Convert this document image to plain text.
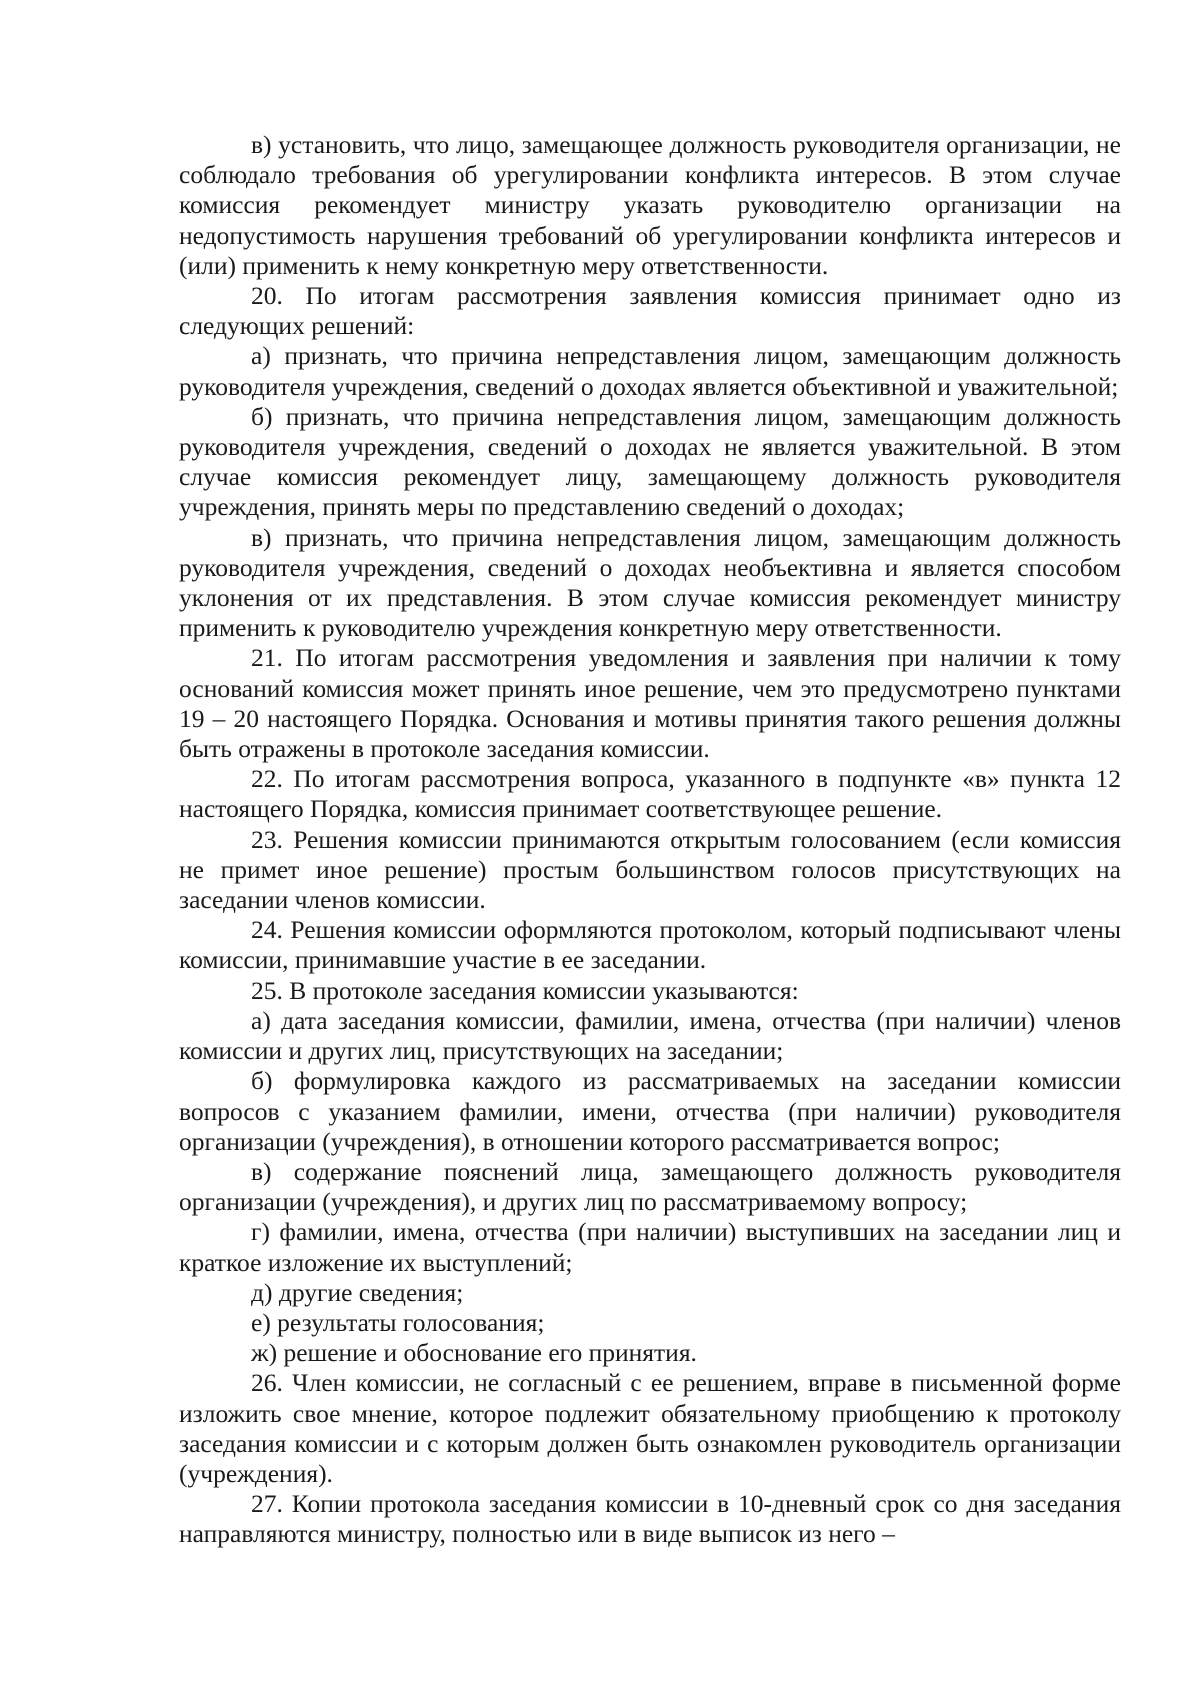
в) установить, что лицо, замещающее должность руководителя организации, не соблюдало требования об урегулировании конфликта интересов. В этом случае комиссия рекомендует министру указать руководителю организации на недопустимость нарушения требований об урегулировании конфликта интересов и (или) применить к нему конкретную меру ответственности.

20. По итогам рассмотрения заявления комиссия принимает одно из следующих решений:

а) признать, что причина непредставления лицом, замещающим должность руководителя учреждения, сведений о доходах является объективной и уважительной;

б) признать, что причина непредставления лицом, замещающим должность руководителя учреждения, сведений о доходах не является уважительной. В этом случае комиссия рекомендует лицу, замещающему должность руководителя учреждения, принять меры по представлению сведений о доходах;

в) признать, что причина непредставления лицом, замещающим должность руководителя учреждения, сведений о доходах необъективна и является способом уклонения от их представления. В этом случае комиссия рекомендует министру применить к руководителю учреждения конкретную меру ответственности.

21. По итогам рассмотрения уведомления и заявления при наличии к тому оснований комиссия может принять иное решение, чем это предусмотрено пунктами 19 – 20 настоящего Порядка. Основания и мотивы принятия такого решения должны быть отражены в протоколе заседания комиссии.

22. По итогам рассмотрения вопроса, указанного в подпункте «в» пункта 12 настоящего Порядка, комиссия принимает соответствующее решение.

23. Решения комиссии принимаются открытым голосованием (если комиссия не примет иное решение) простым большинством голосов присутствующих на заседании членов комиссии.

24. Решения комиссии оформляются протоколом, который подписывают члены комиссии, принимавшие участие в ее заседании.

25. В протоколе заседания комиссии указываются:

а) дата заседания комиссии, фамилии, имена, отчества (при наличии) членов комиссии и других лиц, присутствующих на заседании;

б) формулировка каждого из рассматриваемых на заседании комиссии вопросов с указанием фамилии, имени, отчества (при наличии) руководителя организации (учреждения), в отношении которого рассматривается вопрос;

в) содержание пояснений лица, замещающего должность руководителя организации (учреждения), и других лиц по рассматриваемому вопросу;

г) фамилии, имена, отчества (при наличии) выступивших на заседании лиц и краткое изложение их выступлений;

д) другие сведения;

е) результаты голосования;

ж) решение и обоснование его принятия.

26. Член комиссии, не согласный с ее решением, вправе в письменной форме изложить свое мнение, которое подлежит обязательному приобщению к протоколу заседания комиссии и с которым должен быть ознакомлен руководитель организации (учреждения).

27. Копии протокола заседания комиссии в 10-дневный срок со дня заседания направляются министру, полностью или в виде выписок из него –
